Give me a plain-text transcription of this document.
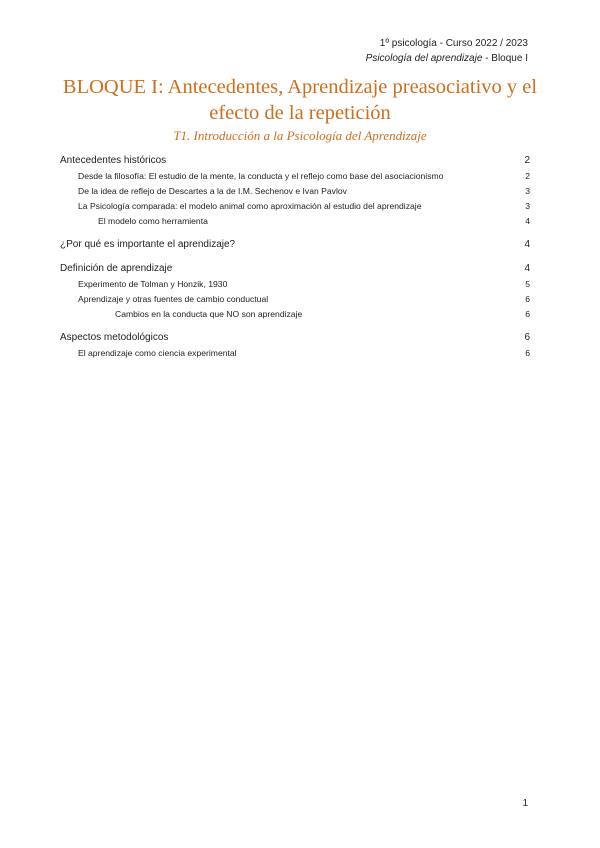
1º psicología - Curso 2022 / 2023
Psicología del aprendizaje - Bloque I
BLOQUE I: Antecedentes, Aprendizaje preasociativo y el
efecto de la repetición
T1. Introducción a la Psicología del Aprendizaje
Antecedentes históricos	2
Desde la filosofía: El estudio de la mente, la conducta y el reflejo como base del asociacionismo	2
De la idea de reflejo de Descartes a la de I.M. Sechenov e Ivan Pavlov	3
La Psicología comparada: el modelo animal como aproximación al estudio del aprendizaje	3
El modelo como herramienta	4
¿Por qué es importante el aprendizaje?	4
Definición de aprendizaje	4
Experimento de Tolman y Honzik, 1930	5
Aprendizaje y otras fuentes de cambio conductual	6
Cambios en la conducta que NO son aprendizaje	6
Aspectos metodológicos	6
El aprendizaje como ciencia experimental	6
1
